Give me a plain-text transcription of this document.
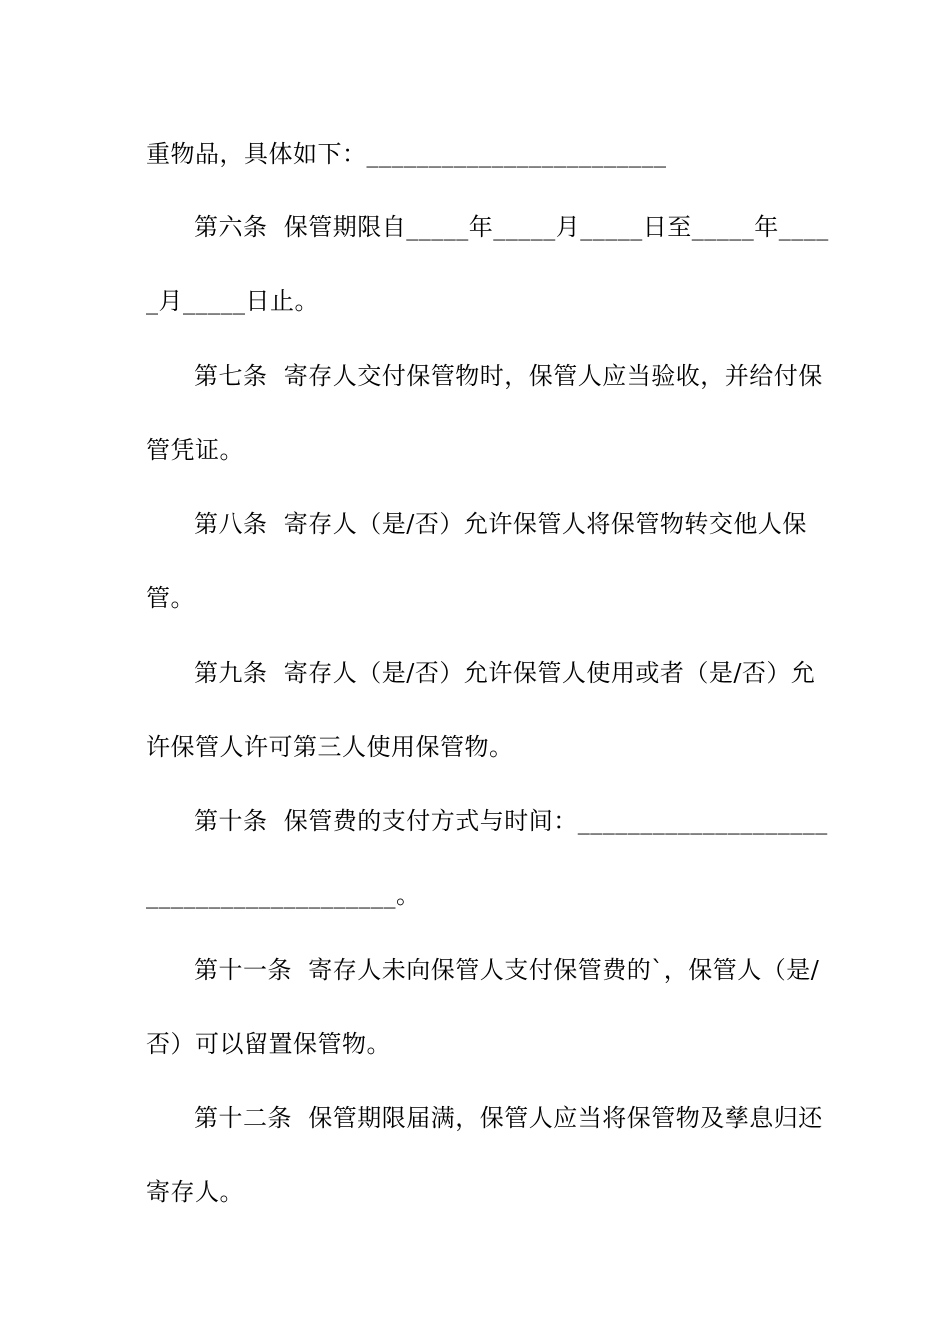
重物品，具体如下：________________________
第六条  保管期限自_____年_____月_____日至_____年____
_月_____日止。
第七条  寄存人交付保管物时，保管人应当验收，并给付保
管凭证。
第八条  寄存人（是/否）允许保管人将保管物转交他人保
管。
第九条  寄存人（是/否）允许保管人使用或者（是/否）允
许保管人许可第三人使用保管物。
第十条  保管费的支付方式与时间：____________________
____________________。
第十一条  寄存人未向保管人支付保管费的`，保管人（是/
否）可以留置保管物。
第十二条  保管期限届满，保管人应当将保管物及孳息归还
寄存人。
